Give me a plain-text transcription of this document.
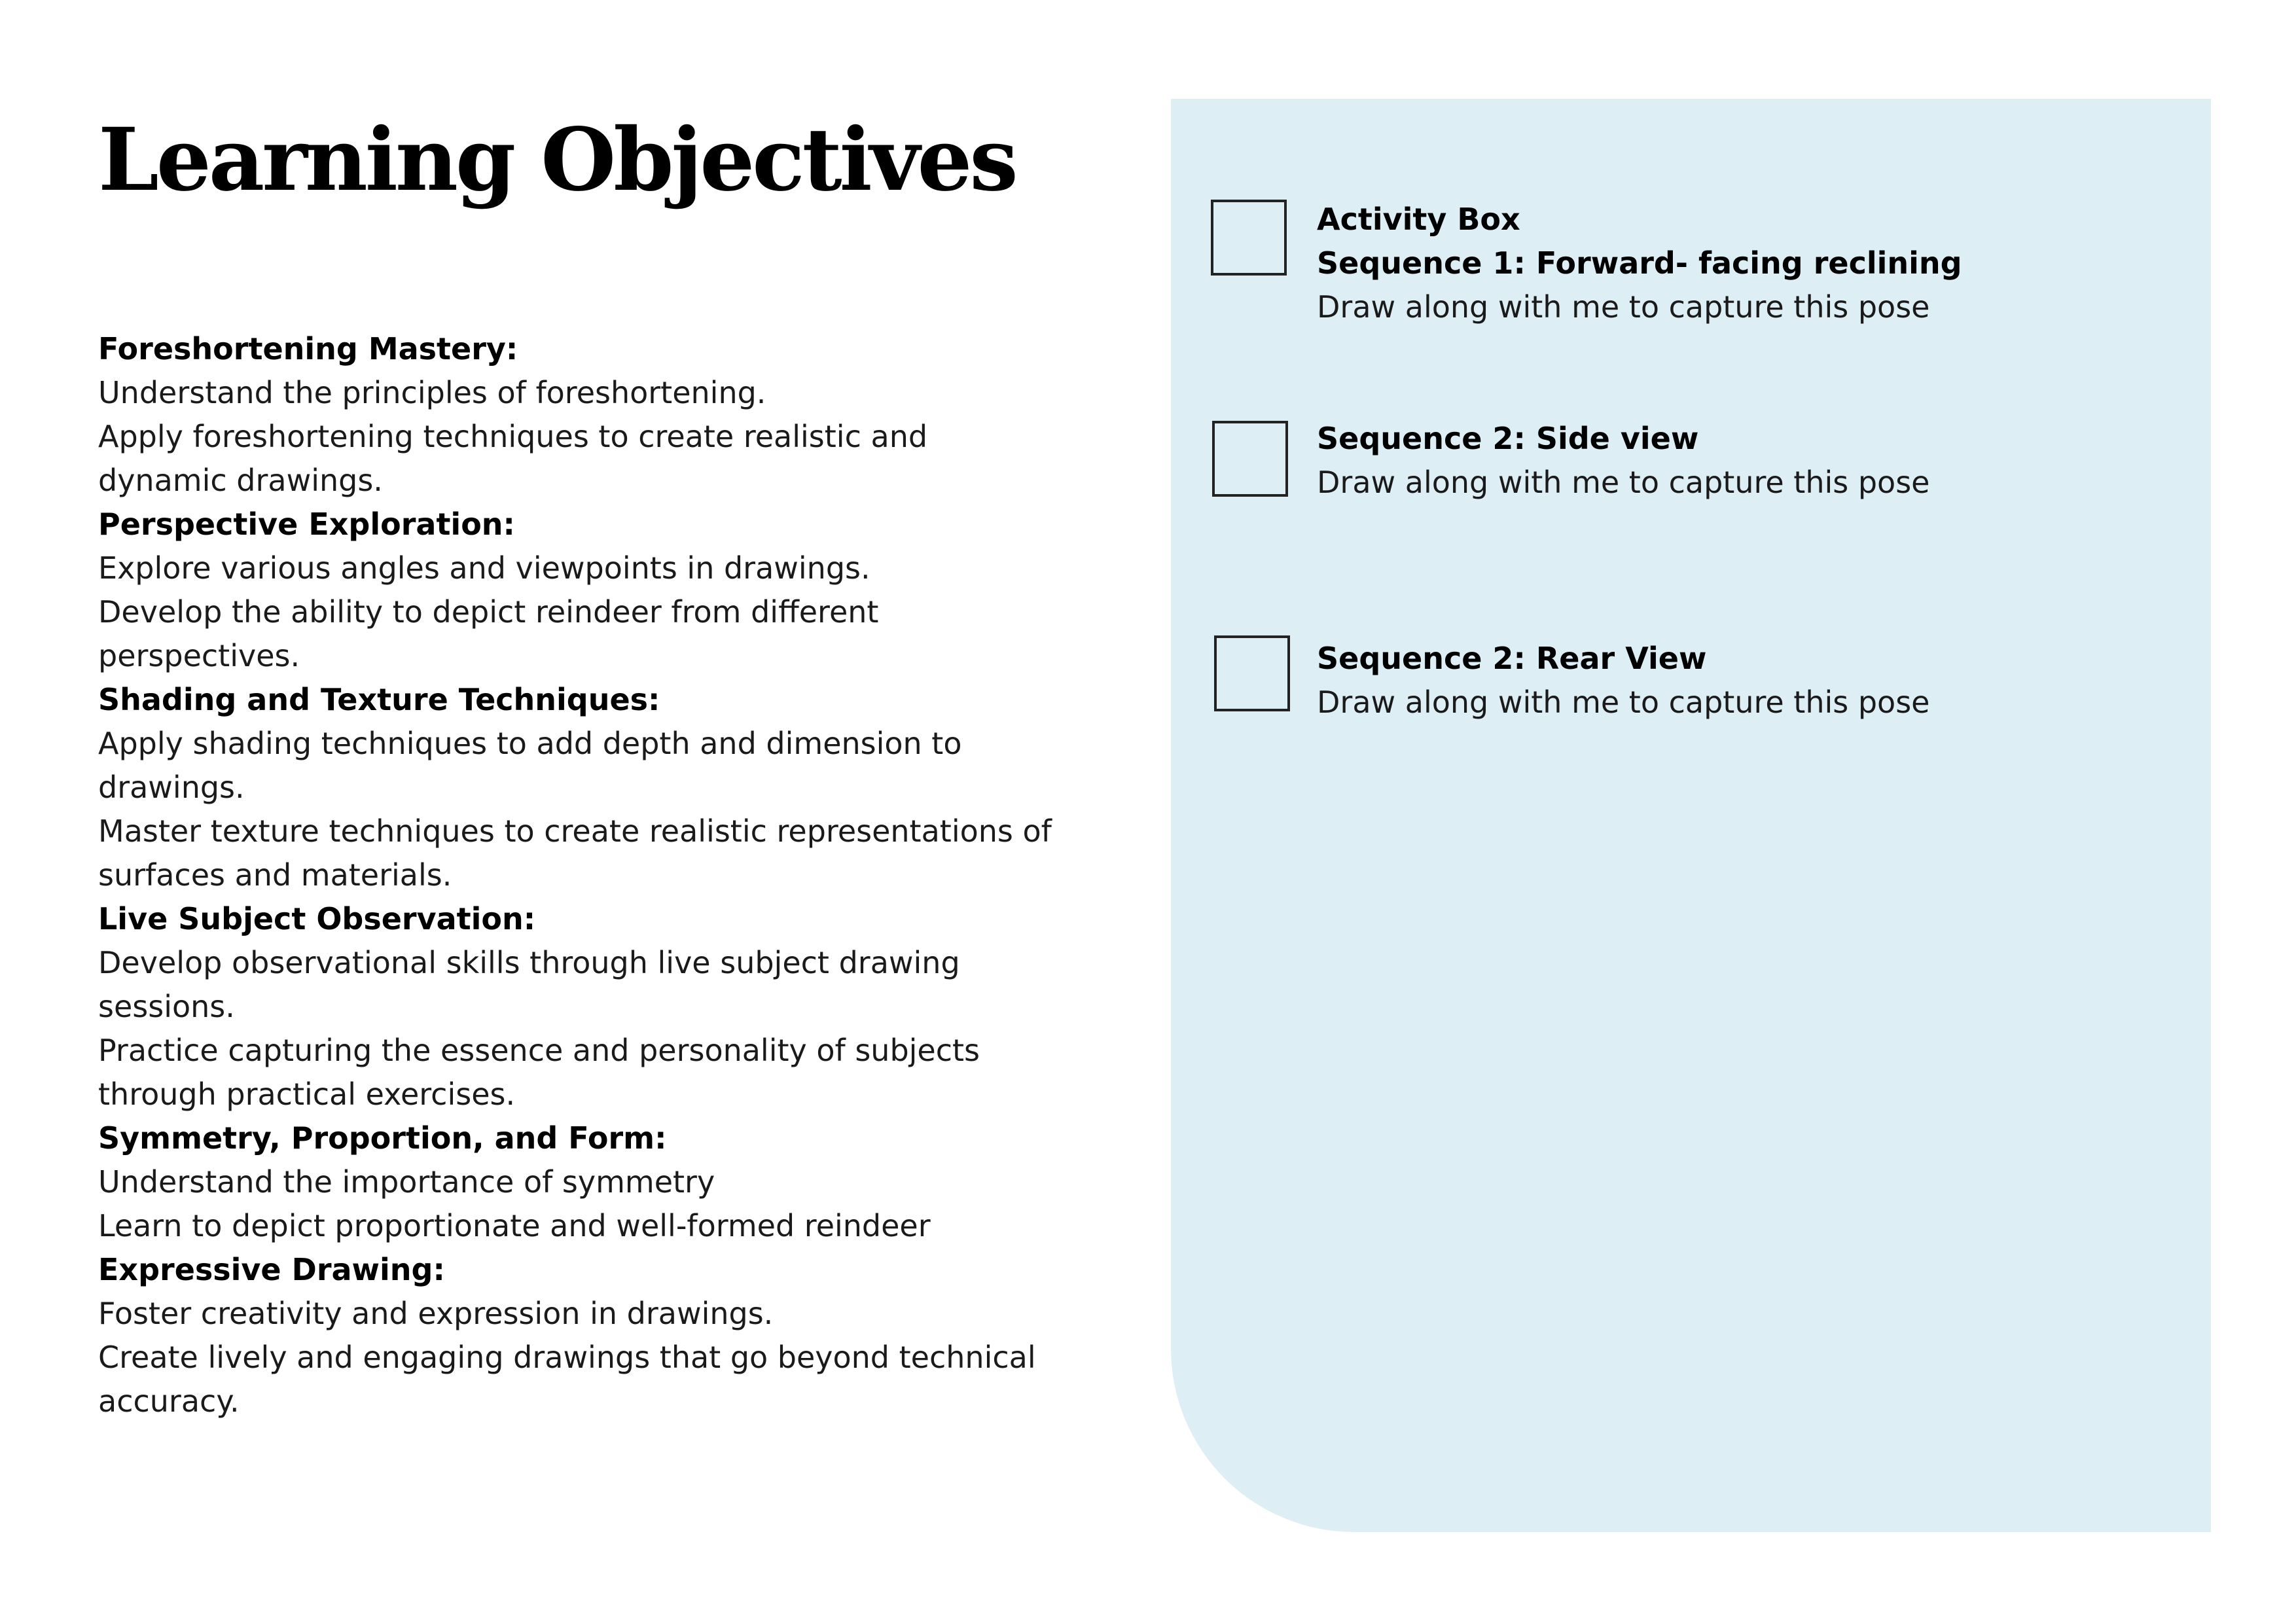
Learning Objectives
Foreshortening Mastery:
Understand the principles of foreshortening.
Apply foreshortening techniques to create realistic and
dynamic drawings.
Perspective Exploration:
Explore various angles and viewpoints in drawings.
Develop the ability to depict reindeer from different
perspectives.
Shading and Texture Techniques:
Apply shading techniques to add depth and dimension to
drawings.
Master texture techniques to create realistic representations of
surfaces and materials.
Live Subject Observation:
Develop observational skills through live subject drawing
sessions.
Practice capturing the essence and personality of subjects
through practical exercises.
Symmetry, Proportion, and Form:
Understand the importance of symmetry
Learn to depict proportionate and well-formed reindeer
Expressive Drawing:
Foster creativity and expression in drawings.
Create lively and engaging drawings that go beyond technical
accuracy.
Activity Box
Sequence 1: Forward- facing reclining
Draw along with me to capture this pose
Sequence 2: Side view
Draw along with me to capture this pose
Sequence 2: Rear View
Draw along with me to capture this pose
